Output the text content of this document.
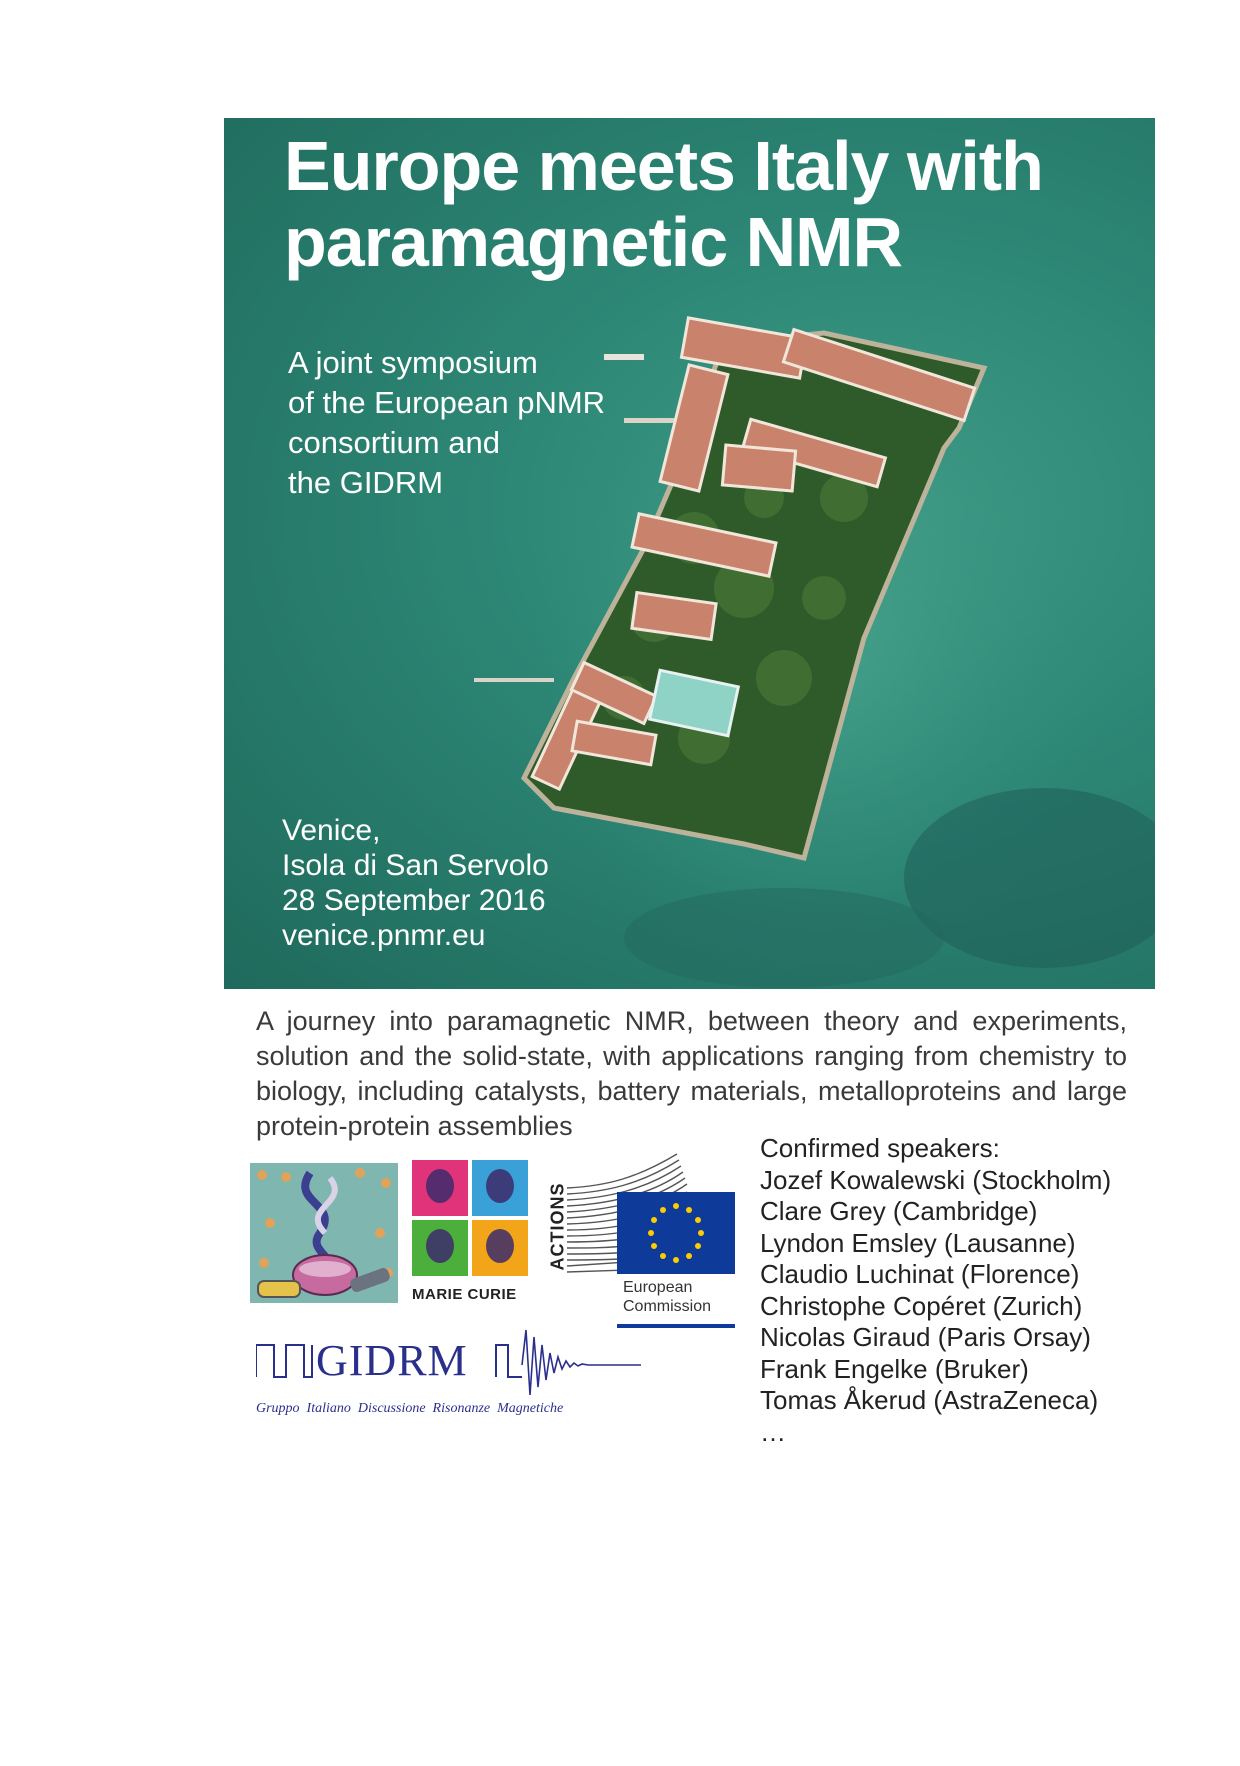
Europe meets Italy with
paramagnetic NMR

A joint symposium
of the European pNMR
consortium and
the GIDRM

Venice,
Isola di San Servolo
28 September 2016
venice.pnmr.eu

A journey into paramagnetic NMR, between theory and experiments, solution and the solid-state, with applications ranging from chemistry to biology, including catalysts, battery materials, metalloproteins and large protein-protein assemblies

Confirmed speakers:
Jozef Kowalewski (Stockholm)
Clare Grey (Cambridge)
Lyndon Emsley (Lausanne)
Claudio Luchinat (Florence)
Christophe Copéret (Zurich)
Nicolas Giraud (Paris Orsay)
Frank Engelke (Bruker)
Tomas Åkerud (AstraZeneca)
…
MARIE CURIE
ACTIONS
European
Commission
GIDRM
Gruppo  Italiano  Discussione  Risonanze  Magnetiche
